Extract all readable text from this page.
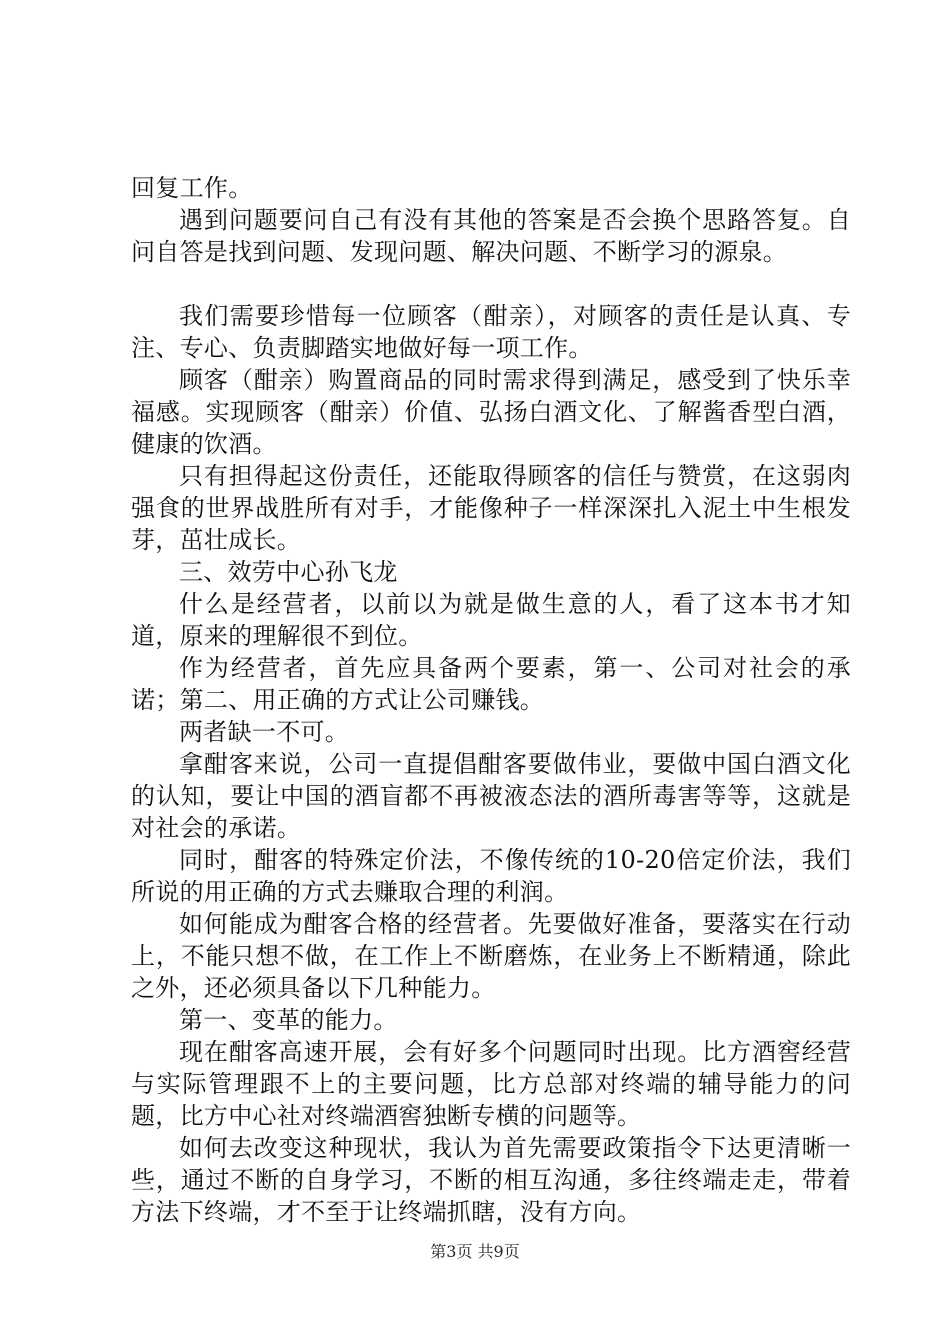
回复工作。

遇到问题要问自己有没有其他的答案是否会换个思路答复。自问自答是找到问题、发现问题、解决问题、不断学习的源泉。

我们需要珍惜每一位顾客（酣亲），对顾客的责任是认真、专注、专心、负责脚踏实地做好每一项工作。

顾客（酣亲）购置商品的同时需求得到满足，感受到了快乐幸福感。实现顾客（酣亲）价值、弘扬白酒文化、了解酱香型白酒，健康的饮酒。

只有担得起这份责任，还能取得顾客的信任与赞赏，在这弱肉强食的世界战胜所有对手，才能像种子一样深深扎入泥土中生根发芽，茁壮成长。

三、效劳中心孙飞龙

什么是经营者，以前以为就是做生意的人，看了这本书才知道，原来的理解很不到位。

作为经营者，首先应具备两个要素，第一、公司对社会的承诺；第二、用正确的方式让公司赚钱。

两者缺一不可。

拿酣客来说，公司一直提倡酣客要做伟业，要做中国白酒文化的认知，要让中国的酒盲都不再被液态法的酒所毒害等等，这就是对社会的承诺。

同时，酣客的特殊定价法，不像传统的10-20倍定价法，我们所说的用正确的方式去赚取合理的利润。

如何能成为酣客合格的经营者。先要做好准备，要落实在行动上，不能只想不做，在工作上不断磨炼，在业务上不断精通，除此之外，还必须具备以下几种能力。

第一、变革的能力。

现在酣客高速开展，会有好多个问题同时出现。比方酒窖经营与实际管理跟不上的主要问题，比方总部对终端的辅导能力的问题，比方中心社对终端酒窖独断专横的问题等。

如何去改变这种现状，我认为首先需要政策指令下达更清晰一些，通过不断的自身学习，不断的相互沟通，多往终端走走，带着方法下终端，才不至于让终端抓瞎，没有方向。

第3页 共9页
